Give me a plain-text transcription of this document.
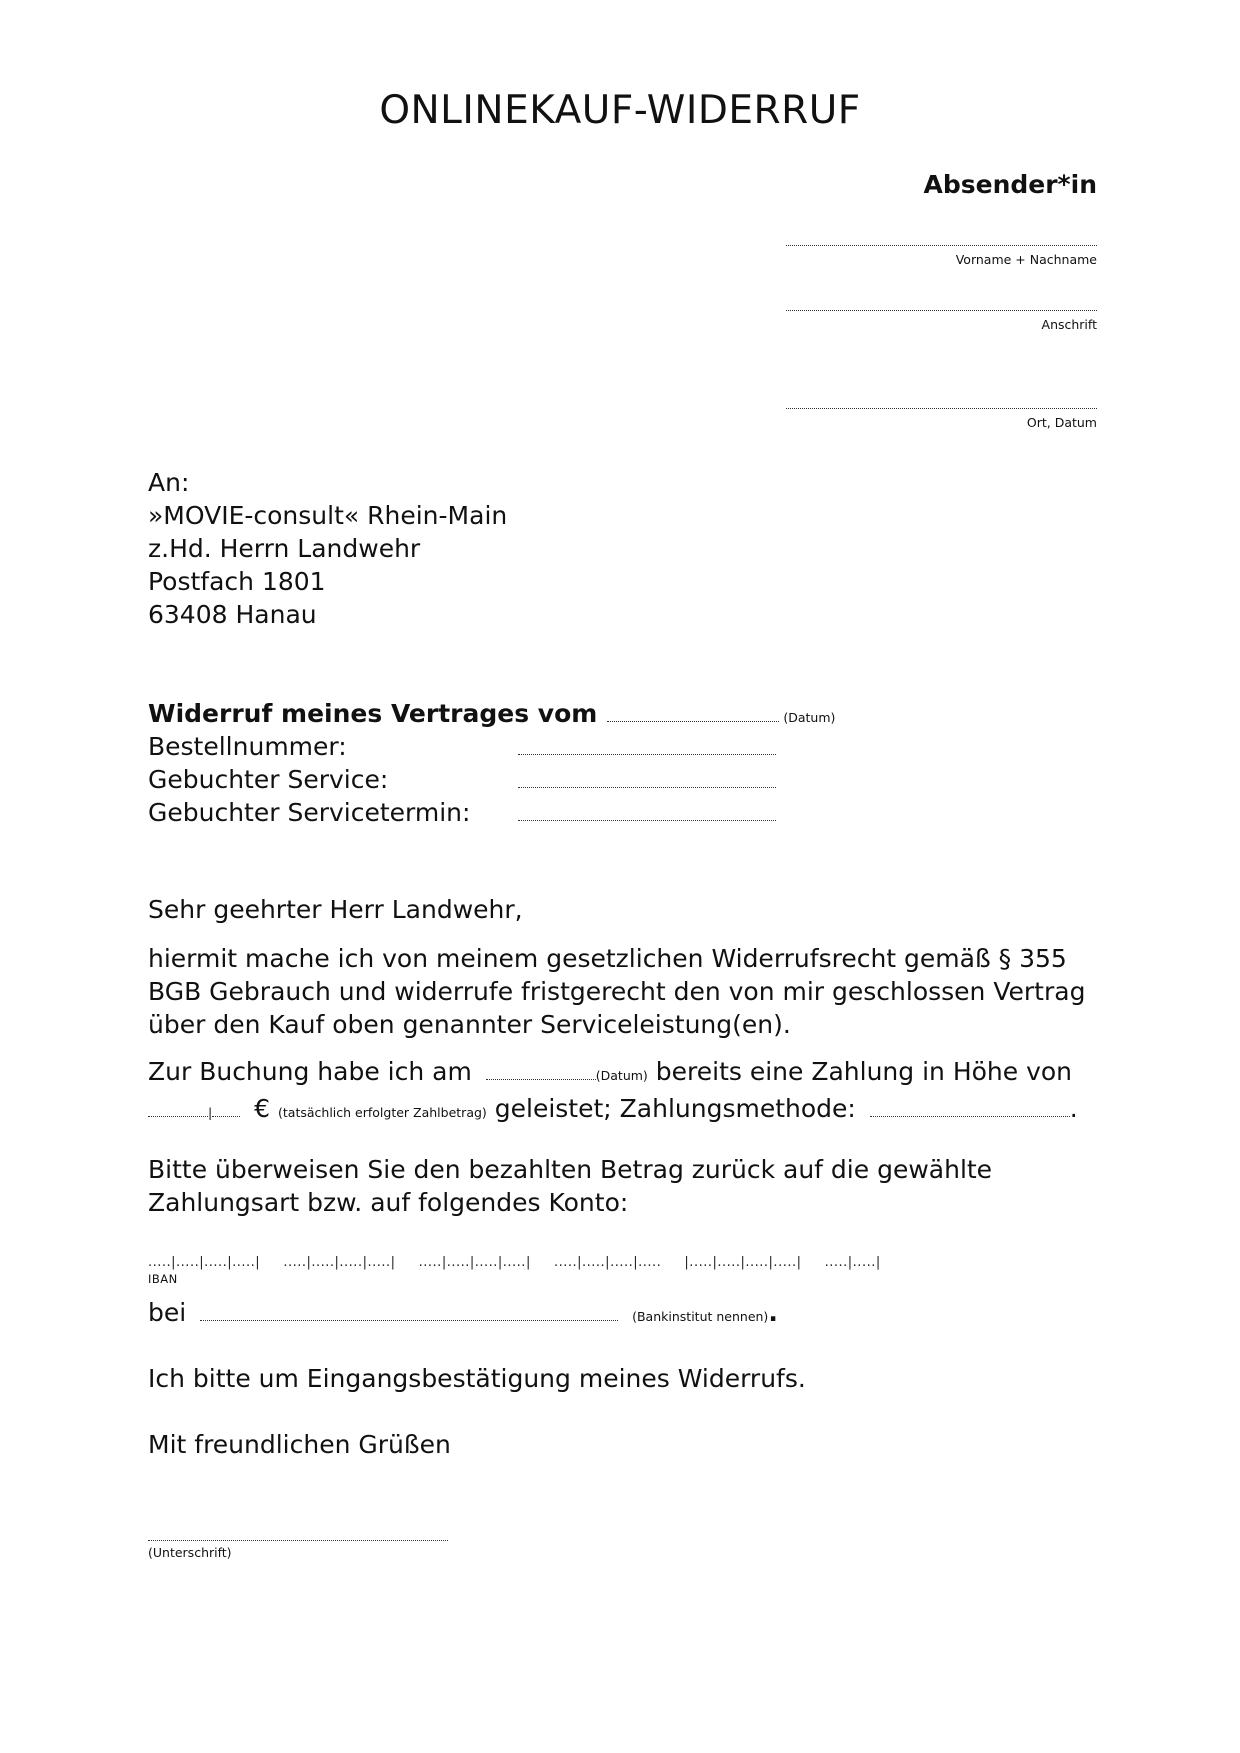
ONLINEKAUF-WIDERRUF
Absender*in
Vorname + Nachname
Anschrift
Ort, Datum
An:
»MOVIE-consult« Rhein-Main
z.Hd. Herrn Landwehr
Postfach 1801
63408 Hanau
Widerruf meines Vertrages vom	(Datum)
Bestellnummer:
Gebuchter Service:
Gebuchter Servicetermin:
Sehr geehrter Herr Landwehr,
hiermit mache ich von meinem gesetzlichen Widerrufsrecht gemäß § 355 BGB Gebrauch und widerrufe fristgerecht den von mir geschlossen Vertrag über den Kauf oben genannter Serviceleistung(en).
Zur Buchung habe ich am	(Datum) bereits eine Zahlung in Höhe von
| € (tatsächlich erfolgter Zahlbetrag) geleistet; Zahlungsmethode:	.
Bitte überweisen Sie den bezahlten Betrag zurück auf die gewählte Zahlungsart bzw. auf folgendes Konto:
.....|.....|.....|.....|     .....|.....|.....|.....|     .....|.....|.....|.....|     .....|.....|.....|.....     |.....|.....|.....|.....|     .....|.....|
IBAN
bei	(Bankinstitut nennen).
Ich bitte um Eingangsbestätigung meines Widerrufs.
Mit freundlichen Grüßen
(Unterschrift)
